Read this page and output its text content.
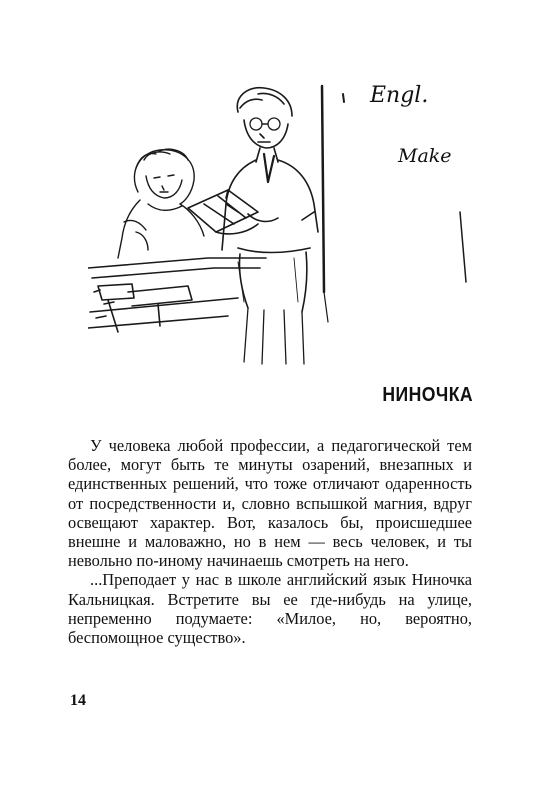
Engl.
Make
НИНОЧКА

У человека любой профессии, а педагогической тем более, могут быть те минуты озарений, внезапных и единственных решений, что тоже отличают одаренность от посредственности и, словно вспышкой магния, вдруг освещают характер. Вот, казалось бы, происшедшее внешне и маловажно, но в нем — весь человек, и ты невольно по-иному начинаешь смотреть на него.

...Преподает у нас в школе английский язык Ниночка Кальницкая. Встретите вы ее где-нибудь на улице, непременно подумаете: «Милое, но, вероятно, беспомощное существо».

14
